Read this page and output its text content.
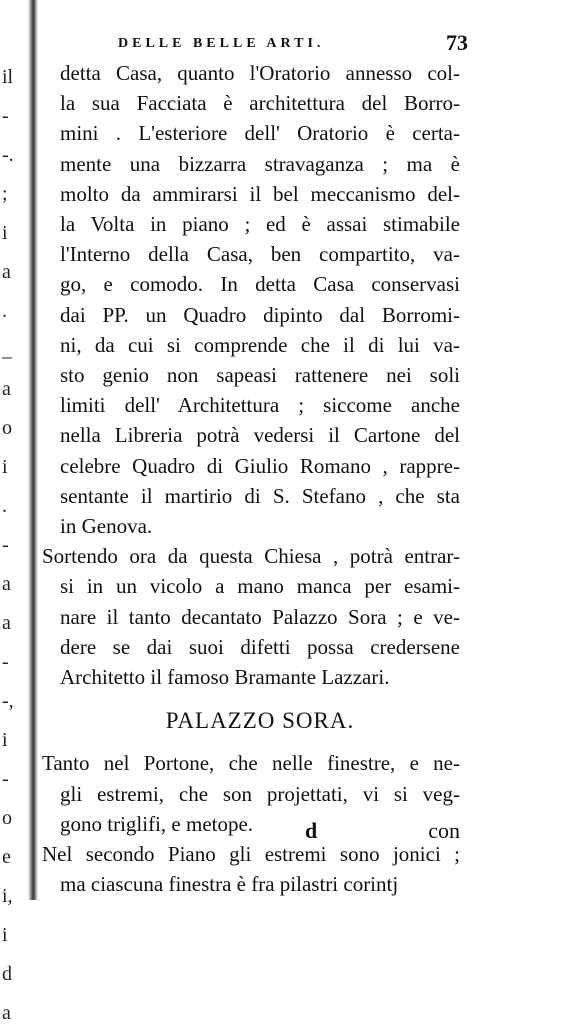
il
-
-.
;
i
a
.
_
a
o
i
.
-
a
a
-
-,
i
-
o
e
i,
i
d
a
DELLE BELLE ARTI.	73
detta Casa, quanto l'Oratorio annesso col-
la sua Facciata è architettura del Borro-
mini . L'esteriore dell' Oratorio è certa-
mente una bizzarra stravaganza ; ma è
molto da ammirarsi il bel meccanismo del-
la Volta in piano ; ed è assai stimabile
l'Interno della Casa, ben compartito, va-
go, e comodo. In detta Casa conservasi
dai PP. un Quadro dipinto dal Borromi-
ni, da cui si comprende che il di lui va-
sto genio non sapeasi rattenere nei soli
limiti dell' Architettura ; siccome anche
nella Libreria potrà vedersi il Cartone del
celebre Quadro di Giulio Romano , rappre-
sentante il martirio di S. Stefano , che sta
in Genova.
Sortendo ora da questa Chiesa , potrà entrar-
si in un vicolo a mano manca per esami-
nare il tanto decantato Palazzo Sora ; e ve-
dere se dai suoi difetti possa credersene
Architetto il famoso Bramante Lazzari.
PALAZZO SORA.
Tanto nel Portone, che nelle finestre, e ne-
gli estremi, che son projettati, vi si veg-
gono triglifi, e metope.
Nel secondo Piano gli estremi sono jonici ;
ma ciascuna finestra è fra pilastri corintj
d	con
